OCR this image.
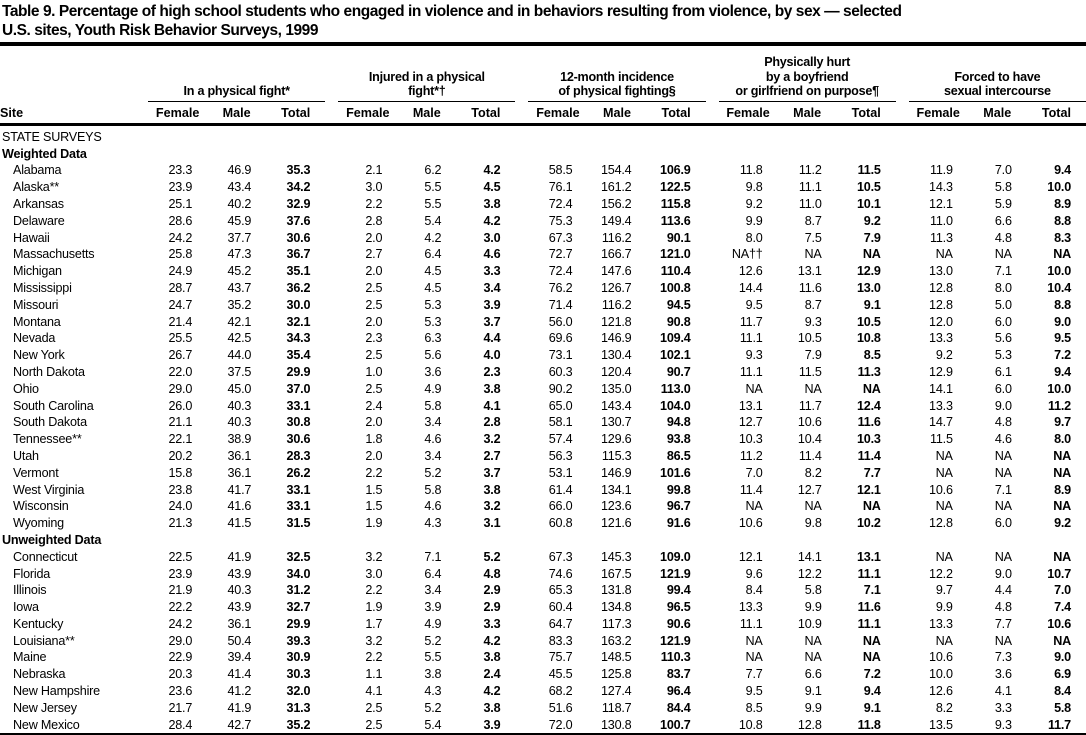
Table 9. Percentage of high school students who engaged in violence and in behaviors resulting from violence, by sex — selected
U.S. sites, Youth Risk Behavior Surveys, 1999

In a physical fight*

Injured in a physical
fight*†

12-month incidence
of physical fighting§

Physically hurt
by a boyfriend
or girlfriend on purpose¶

Forced to have
sexual intercourse

Site		Female	Male	Total		Female	Male	Total		Female	Male	Total		Female	Male	Total		Female	Male	Total
STATE SURVEYS																				
Weighted Data																				
Alabama		23.3	46.9	35.3		2.1	6.2	4.2		58.5	154.4	106.9		11.8	11.2	11.5		11.9	7.0	9.4
Alaska**		23.9	43.4	34.2		3.0	5.5	4.5		76.1	161.2	122.5		9.8	11.1	10.5		14.3	5.8	10.0
Arkansas		25.1	40.2	32.9		2.2	5.5	3.8		72.4	156.2	115.8		9.2	11.0	10.1		12.1	5.9	8.9
Delaware		28.6	45.9	37.6		2.8	5.4	4.2		75.3	149.4	113.6		9.9	8.7	9.2		11.0	6.6	8.8
Hawaii		24.2	37.7	30.6		2.0	4.2	3.0		67.3	116.2	90.1		8.0	7.5	7.9		11.3	4.8	8.3
Massachusetts		25.8	47.3	36.7		2.7	6.4	4.6		72.7	166.7	121.0		NA††	NA	NA		NA	NA	NA
Michigan		24.9	45.2	35.1		2.0	4.5	3.3		72.4	147.6	110.4		12.6	13.1	12.9		13.0	7.1	10.0
Mississippi		28.7	43.7	36.2		2.5	4.5	3.4		76.2	126.7	100.8		14.4	11.6	13.0		12.8	8.0	10.4
Missouri		24.7	35.2	30.0		2.5	5.3	3.9		71.4	116.2	94.5		9.5	8.7	9.1		12.8	5.0	8.8
Montana		21.4	42.1	32.1		2.0	5.3	3.7		56.0	121.8	90.8		11.7	9.3	10.5		12.0	6.0	9.0
Nevada		25.5	42.5	34.3		2.3	6.3	4.4		69.6	146.9	109.4		11.1	10.5	10.8		13.3	5.6	9.5
New York		26.7	44.0	35.4		2.5	5.6	4.0		73.1	130.4	102.1		9.3	7.9	8.5		9.2	5.3	7.2
North Dakota		22.0	37.5	29.9		1.0	3.6	2.3		60.3	120.4	90.7		11.1	11.5	11.3		12.9	6.1	9.4
Ohio		29.0	45.0	37.0		2.5	4.9	3.8		90.2	135.0	113.0		NA	NA	NA		14.1	6.0	10.0
South Carolina		26.0	40.3	33.1		2.4	5.8	4.1		65.0	143.4	104.0		13.1	11.7	12.4		13.3	9.0	11.2
South Dakota		21.1	40.3	30.8		2.0	3.4	2.8		58.1	130.7	94.8		12.7	10.6	11.6		14.7	4.8	9.7
Tennessee**		22.1	38.9	30.6		1.8	4.6	3.2		57.4	129.6	93.8		10.3	10.4	10.3		11.5	4.6	8.0
Utah		20.2	36.1	28.3		2.0	3.4	2.7		56.3	115.3	86.5		11.2	11.4	11.4		NA	NA	NA
Vermont		15.8	36.1	26.2		2.2	5.2	3.7		53.1	146.9	101.6		7.0	8.2	7.7		NA	NA	NA
West Virginia		23.8	41.7	33.1		1.5	5.8	3.8		61.4	134.1	99.8		11.4	12.7	12.1		10.6	7.1	8.9
Wisconsin		24.0	41.6	33.1		1.5	4.6	3.2		66.0	123.6	96.7		NA	NA	NA		NA	NA	NA
Wyoming		21.3	41.5	31.5		1.9	4.3	3.1		60.8	121.6	91.6		10.6	9.8	10.2		12.8	6.0	9.2
Unweighted Data																				
Connecticut		22.5	41.9	32.5		3.2	7.1	5.2		67.3	145.3	109.0		12.1	14.1	13.1		NA	NA	NA
Florida		23.9	43.9	34.0		3.0	6.4	4.8		74.6	167.5	121.9		9.6	12.2	11.1		12.2	9.0	10.7
Illinois		21.9	40.3	31.2		2.2	3.4	2.9		65.3	131.8	99.4		8.4	5.8	7.1		9.7	4.4	7.0
Iowa		22.2	43.9	32.7		1.9	3.9	2.9		60.4	134.8	96.5		13.3	9.9	11.6		9.9	4.8	7.4
Kentucky		24.2	36.1	29.9		1.7	4.9	3.3		64.7	117.3	90.6		11.1	10.9	11.1		13.3	7.7	10.6
Louisiana**		29.0	50.4	39.3		3.2	5.2	4.2		83.3	163.2	121.9		NA	NA	NA		NA	NA	NA
Maine		22.9	39.4	30.9		2.2	5.5	3.8		75.7	148.5	110.3		NA	NA	NA		10.6	7.3	9.0
Nebraska		20.3	41.4	30.3		1.1	3.8	2.4		45.5	125.8	83.7		7.7	6.6	7.2		10.0	3.6	6.9
New Hampshire		23.6	41.2	32.0		4.1	4.3	4.2		68.2	127.4	96.4		9.5	9.1	9.4		12.6	4.1	8.4
New Jersey		21.7	41.9	31.3		2.5	5.2	3.8		51.6	118.7	84.4		8.5	9.9	9.1		8.2	3.3	5.8
New Mexico		28.4	42.7	35.2		2.5	5.4	3.9		72.0	130.8	100.7		10.8	12.8	11.8		13.5	9.3	11.7
